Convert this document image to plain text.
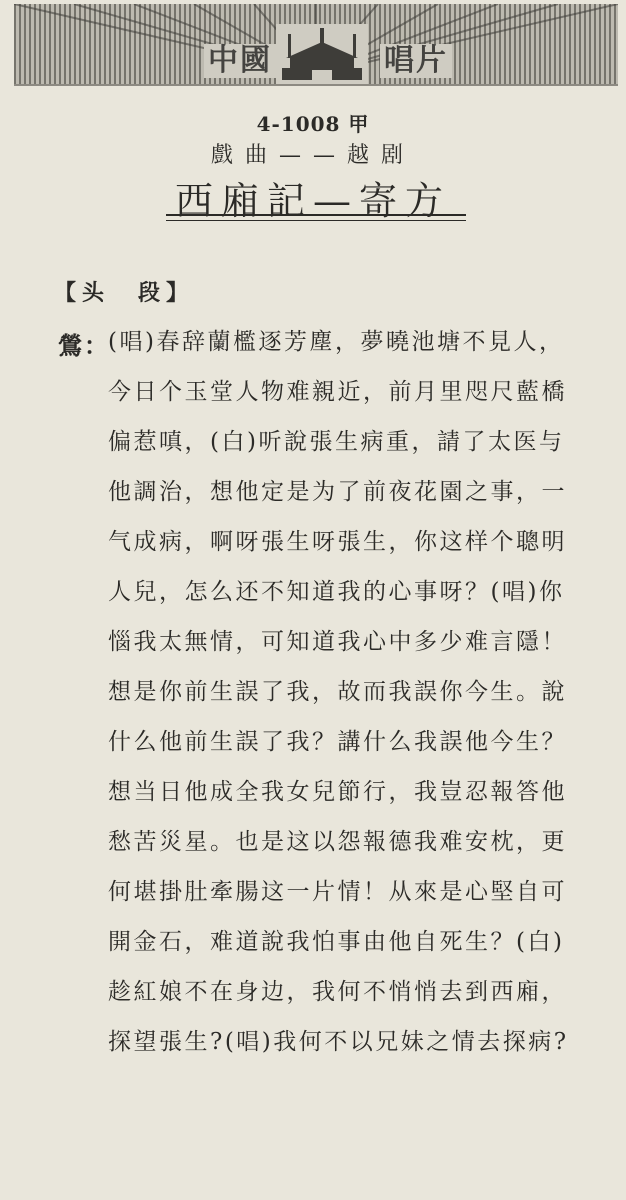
中國	唱片
4-1008 甲
戲曲——越剧
西廂記—寄方
【头　段】
鶯：
(唱)春辞蘭檻逐芳塵，夢曉池塘不見人，
今日个玉堂人物难親近，前月里咫尺藍橋
偏惹嗔，(白)听說張生病重，請了太医与
他調治，想他定是为了前夜花園之事，一
气成病，啊呀張生呀張生，你这样个聰明
人兒，怎么还不知道我的心事呀？(唱)你
惱我太無情，可知道我心中多少难言隱！
想是你前生誤了我，故而我誤你今生。說
什么他前生誤了我？講什么我誤他今生？
想当日他成全我女兒節行，我豈忍報答他
愁苦災星。也是这以怨報德我难安枕，更
何堪掛肚牽腸这一片情！从來是心堅自可
開金石，难道說我怕事由他自死生？(白)
趁紅娘不在身边，我何不悄悄去到西廂，
探望張生?(唱)我何不以兄妹之情去探病?
